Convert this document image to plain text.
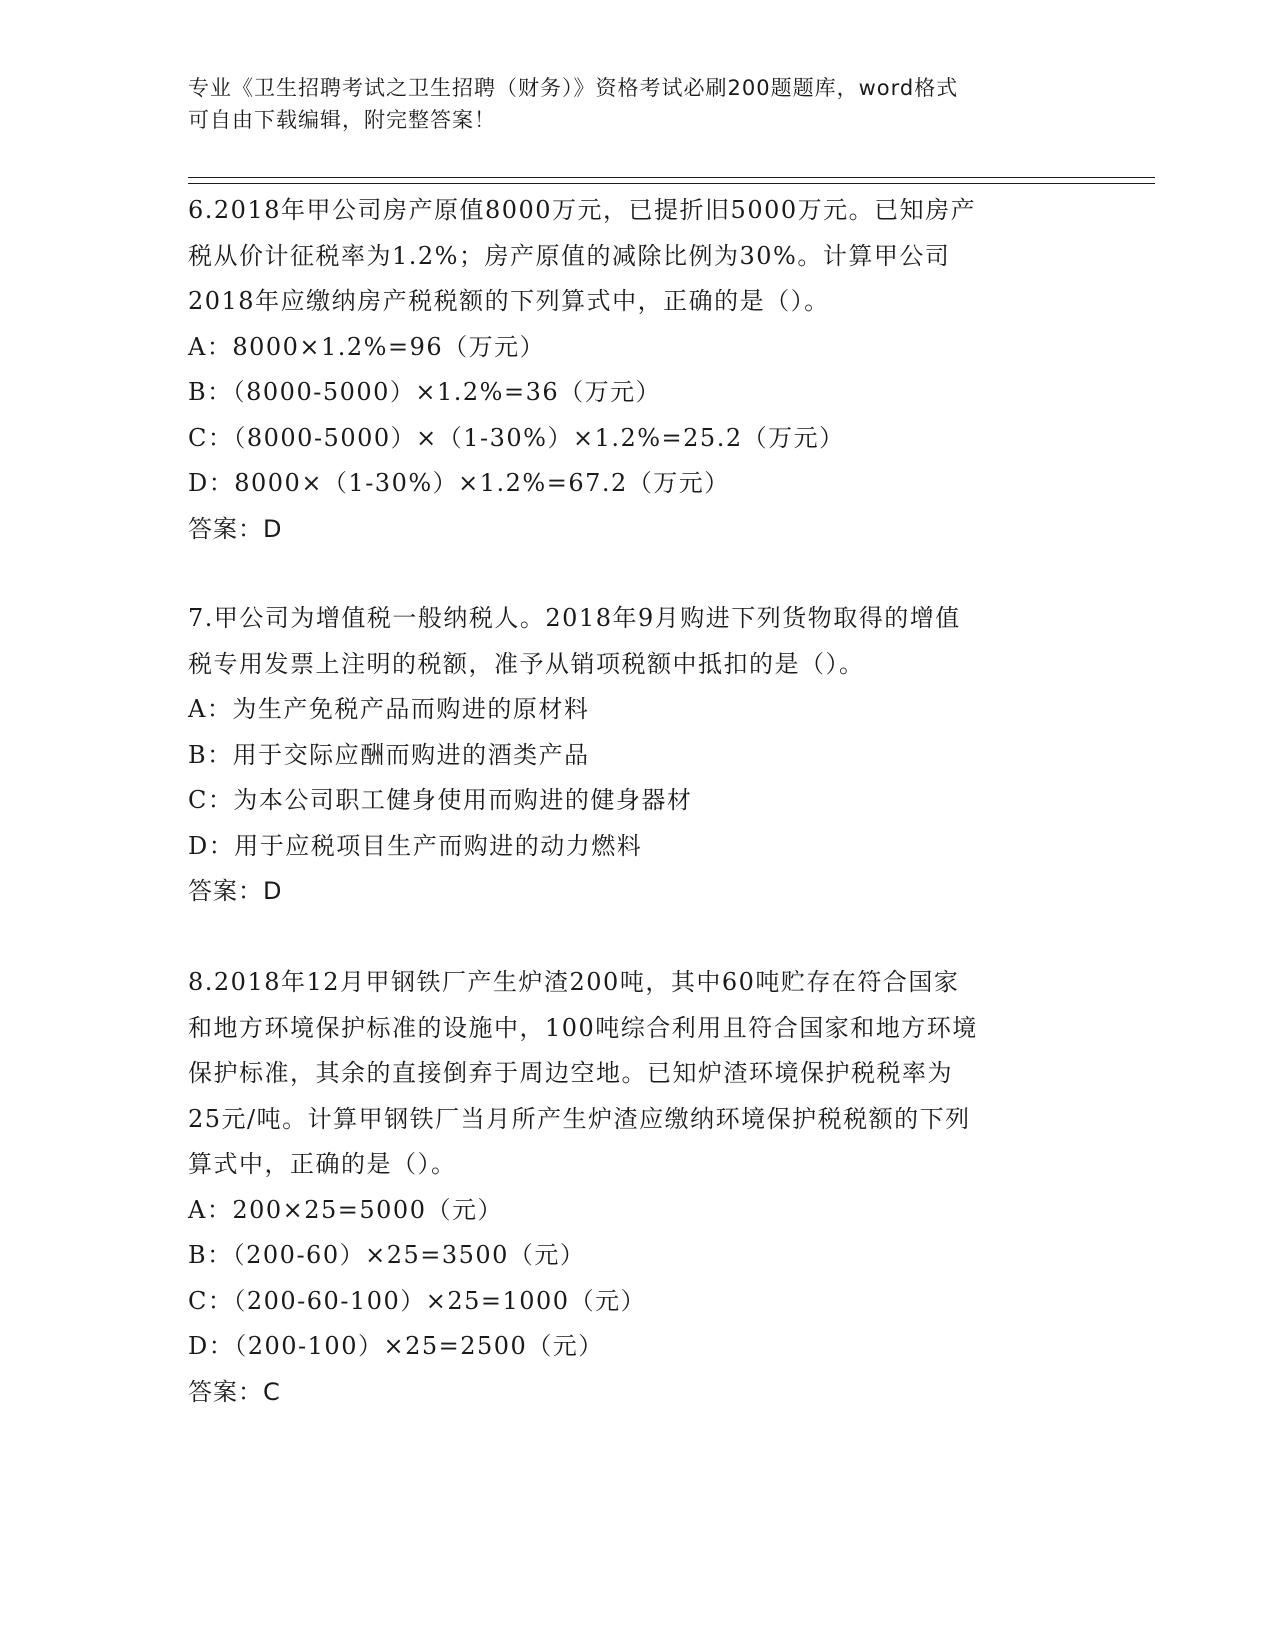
专业《卫生招聘考试之卫生招聘（财务）》资格考试必刷200题题库，word格式
可自由下载编辑，附完整答案！
6.2018年甲公司房产原值8000万元，已提折旧5000万元。已知房产
税从价计征税率为1.2%；房产原值的减除比例为30%。计算甲公司
2018年应缴纳房产税税额的下列算式中，正确的是（）。
A：8000×1.2%=96（万元）
B：（8000-5000）×1.2%=36（万元）
C：（8000-5000）×（1-30%）×1.2%=25.2（万元）
D：8000×（1-30%）×1.2%=67.2（万元）
答案：D
7.甲公司为增值税一般纳税人。2018年9月购进下列货物取得的增值
税专用发票上注明的税额，准予从销项税额中抵扣的是（）。
A：为生产免税产品而购进的原材料
B：用于交际应酬而购进的酒类产品
C：为本公司职工健身使用而购进的健身器材
D：用于应税项目生产而购进的动力燃料
答案：D
8.2018年12月甲钢铁厂产生炉渣200吨，其中60吨贮存在符合国家
和地方环境保护标准的设施中，100吨综合利用且符合国家和地方环境
保护标准，其余的直接倒弃于周边空地。已知炉渣环境保护税税率为
25元/吨。计算甲钢铁厂当月所产生炉渣应缴纳环境保护税税额的下列
算式中，正确的是（）。
A：200×25=5000（元）
B：（200-60）×25=3500（元）
C：（200-60-100）×25=1000（元）
D：（200-100）×25=2500（元）
答案：C
